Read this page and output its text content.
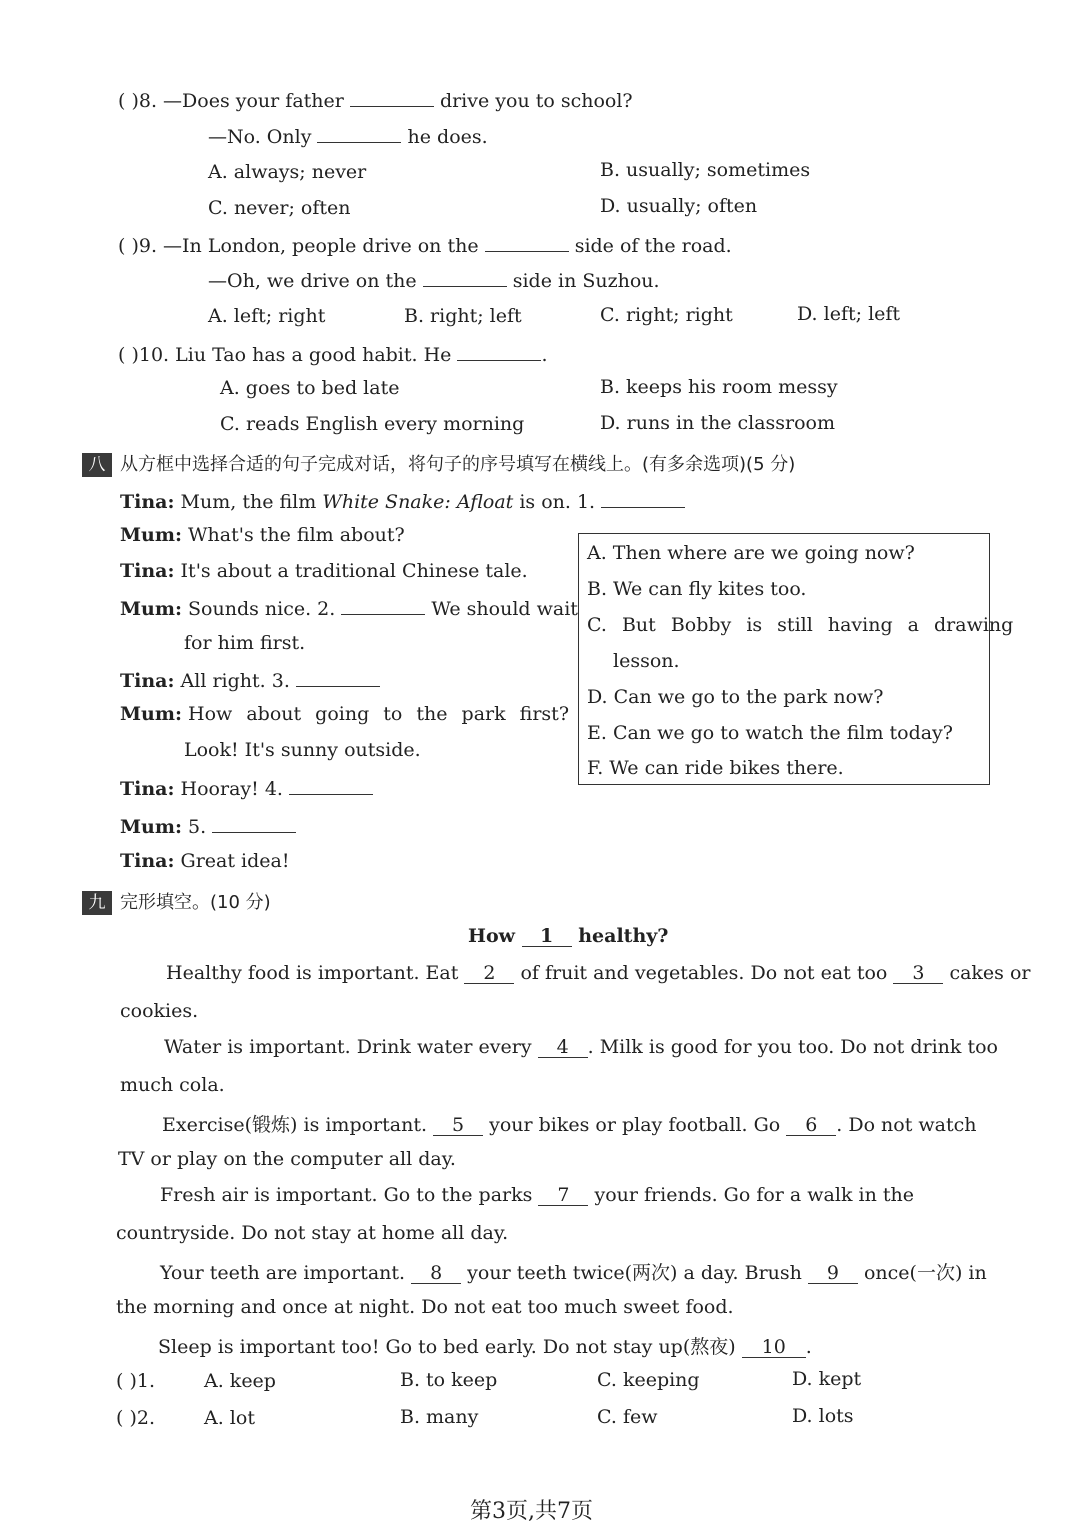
( )8. —Does your father	drive you to school?
—No. Only	he does.
A. always; never	B. usually; sometimes
C. never; often	D. usually; often
( )9. —In London, people drive on the	side of the road.
—Oh, we drive on the	side in Suzhou.
A. left; right	B. right; left	C. right; right	D. left; left
( )10. Liu Tao has a good habit. He	.
A. goes to bed late	B. keeps his room messy
C. reads English every morning	D. runs in the classroom
八 从方框中选择合适的句子完成对话，将句子的序号填写在横线上。(有多余选项)(5 分)
Tina: Mum, the film White Snake: Afloat is on. 1.
Mum: What's the film about?
Tina: It's about a traditional Chinese tale.
Mum: Sounds nice. 2.	We should wait
for him first.
Tina: All right. 3.
Mum: How about going to the park first?
Look! It's sunny outside.
Tina: Hooray! 4.
Mum: 5.
Tina: Great idea!
A. Then where are we going now?
B. We can fly kites too.
C. But Bobby is still having a drawing
lesson.
D. Can we go to the park now?
E. Can we go to watch the film today?
F. We can ride bikes there.
九 完形填空。(10 分)
How 1 healthy?
Healthy food is important. Eat 2 of fruit and vegetables. Do not eat too 3 cakes or
cookies.
Water is important. Drink water every 4 . Milk is good for you too. Do not drink too
much cola.
Exercise(锻炼) is important. 5 your bikes or play football. Go 6 . Do not watch
TV or play on the computer all day.
Fresh air is important. Go to the parks 7 your friends. Go for a walk in the
countryside. Do not stay at home all day.
Your teeth are important. 8 your teeth twice(两次) a day. Brush 9 once(一次) in
the morning and once at night. Do not eat too much sweet food.
Sleep is important too! Go to bed early. Do not stay up(熬夜) 10 .
( )1.	A. keep	B. to keep	C. keeping	D. kept
( )2.	A. lot	B. many	C. few	D. lots
第3页,共7页
